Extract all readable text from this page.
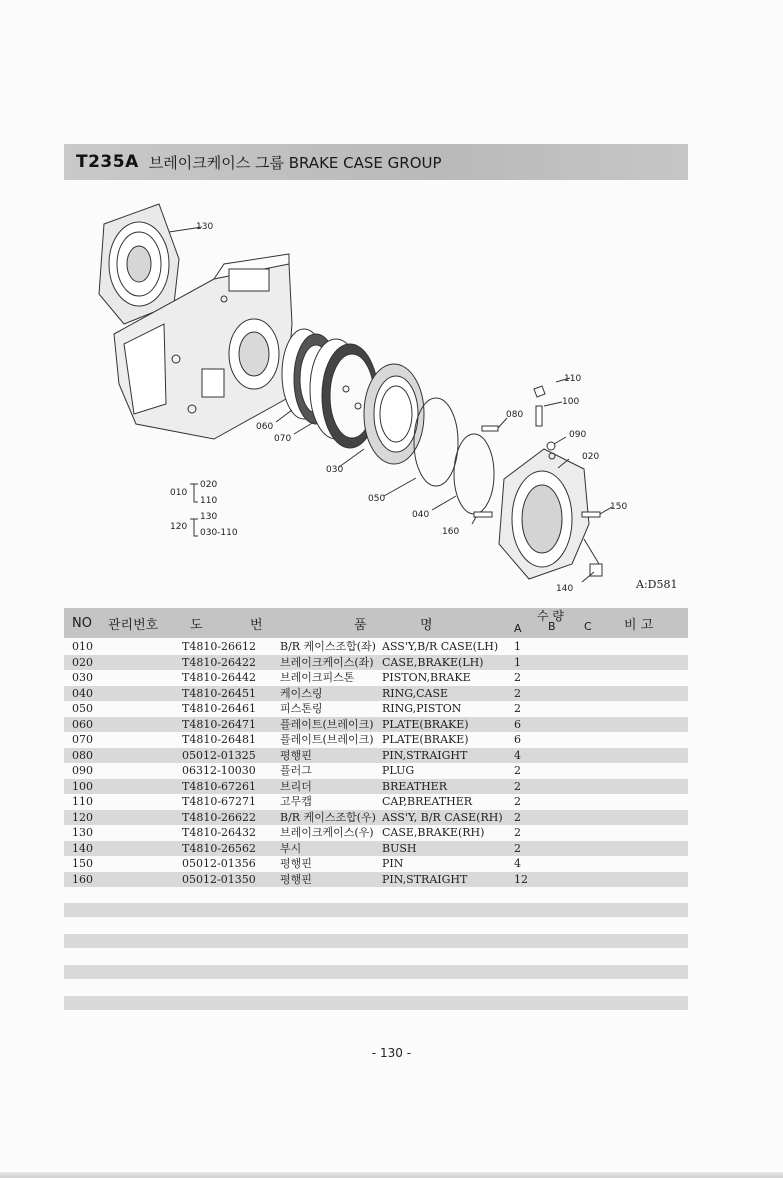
T235A 브레이크케이스 그룹 BRAKE CASE GROUP
130
110
100
080
090
020
060
070
030
050
040
160
150
140
010
020
110
120
130
030-110
A:D581
NO 관리번호 도	번	품	명
수 량
A B	C 비 고
010	T4810-26612 B/R 케이스조합(좌) ASS'Y,B/R CASE(LH) 1
020	T4810-26422 브레이크케이스(좌) CASE,BRAKE(LH)	1
030	T4810-26442 브레이크피스톤	PISTON,BRAKE	2
040	T4810-26451 케이스링	RING,CASE	2
050	T4810-26461 피스톤링	RING,PISTON	2
060	T4810-26471 플레이트(브레이크) PLATE(BRAKE)	6
070	T4810-26481 플레이트(브레이크) PLATE(BRAKE)	6
080	05012-01325 평행핀	PIN,STRAIGHT	4
090	06312-10030 플러그	PLUG	2
100	T4810-67261 브리더	BREATHER	2
110	T4810-67271 고무캡	CAP,BREATHER	2
120	T4810-26622 B/R 케이스조합(우) ASS'Y, B/R CASE(RH) 2
130	T4810-26432 브레이크케이스(우) CASE,BRAKE(RH)	2
140	T4810-26562 부시	BUSH	2
150	05012-01356 평행핀	PIN	4
160	05012-01350 평행핀	PIN,STRAIGHT	12
- 130 -
